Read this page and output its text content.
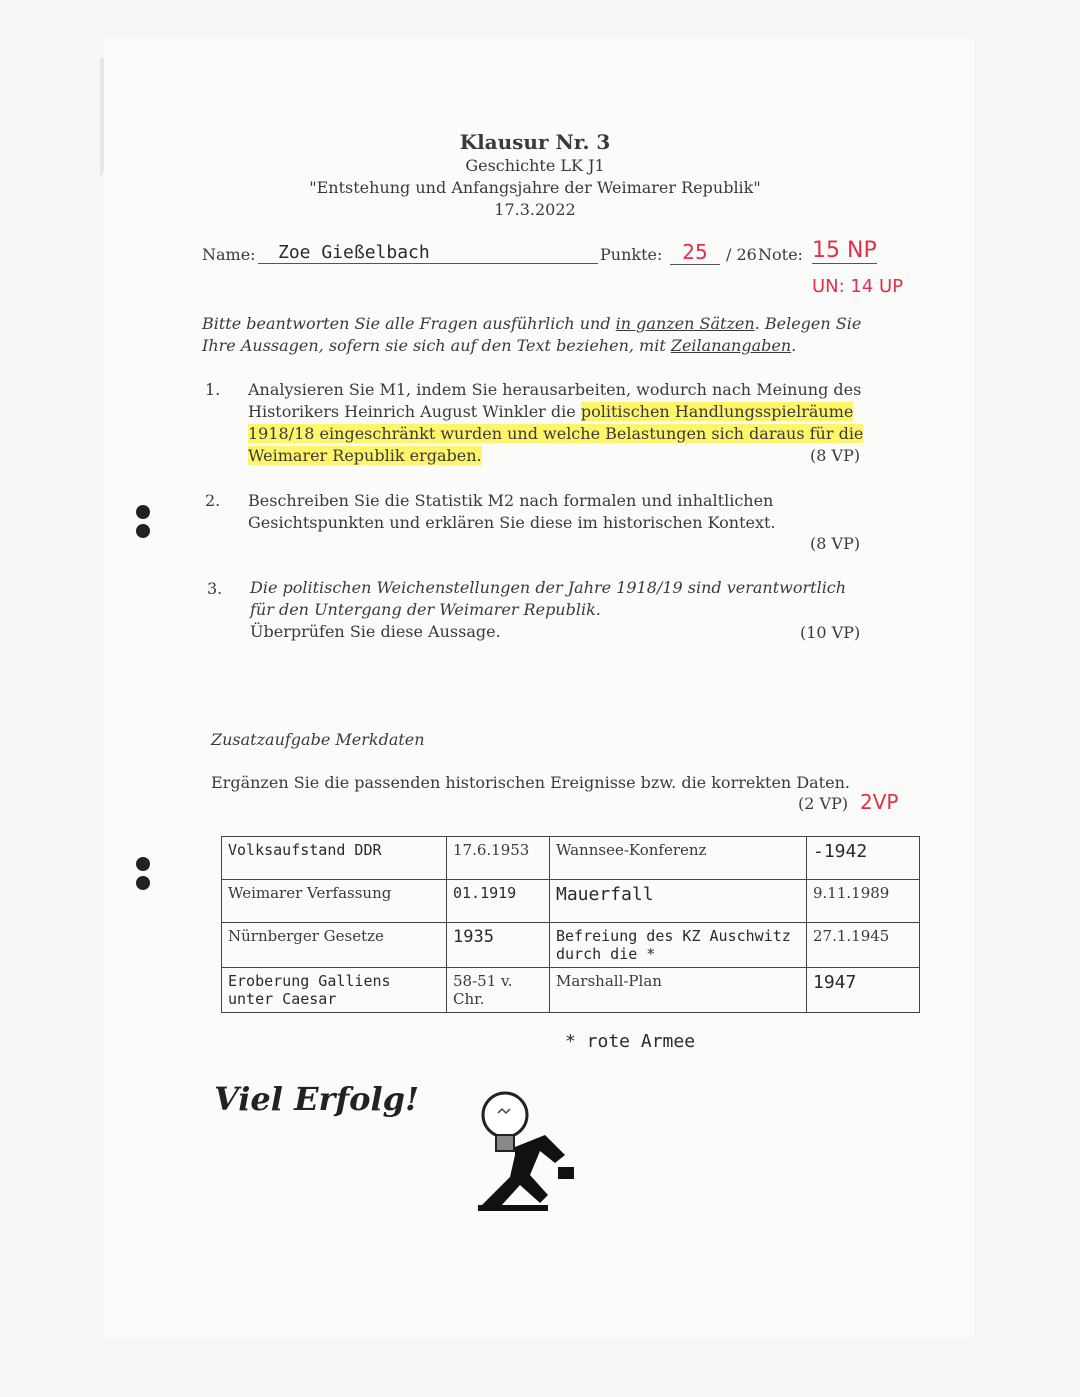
Klausur Nr. 3
Geschichte LK J1
"Entstehung und Anfangsjahre der Weimarer Republik"
17.3.2022
Name:	Zoe Gießelbach	Punkte: 25	/ 26 Note: 15 NP
UN: 14 UP
Bitte beantworten Sie alle Fragen ausführlich und in ganzen Sätzen. Belegen Sie
Ihre Aussagen, sofern sie sich auf den Text beziehen, mit Zeilanangaben.
1. Analysieren Sie M1, indem Sie herausarbeiten, wodurch nach Meinung des
Historikers Heinrich August Winkler die politischen Handlungsspielräume
1918/18 eingeschränkt wurden und welche Belastungen sich daraus für die
Weimarer Republik ergaben.	(8 VP)
2. Beschreiben Sie die Statistik M2 nach formalen und inhaltlichen
Gesichtspunkten und erklären Sie diese im historischen Kontext.
(8 VP)
3. Die politischen Weichenstellungen der Jahre 1918/19 sind verantwortlich
für den Untergang der Weimarer Republik.
Überprüfen Sie diese Aussage.	(10 VP)
Zusatzaufgabe Merkdaten
Ergänzen Sie die passenden historischen Ereignisse bzw. die korrekten Daten.
(2 VP) 2VP
Volksaufstand DDR	17.6.1953	Wannsee-Konferenz	-1942
Weimarer Verfassung	01.1919	Mauerfall	9.11.1989
Nürnberger Gesetze	1935	Befreiung des KZ Auschwitz durch die *	27.1.1945
Eroberung Galliens unter Caesar	58-51 v. Chr.	Marshall-Plan	1947
* rote Armee
Viel Erfolg!
